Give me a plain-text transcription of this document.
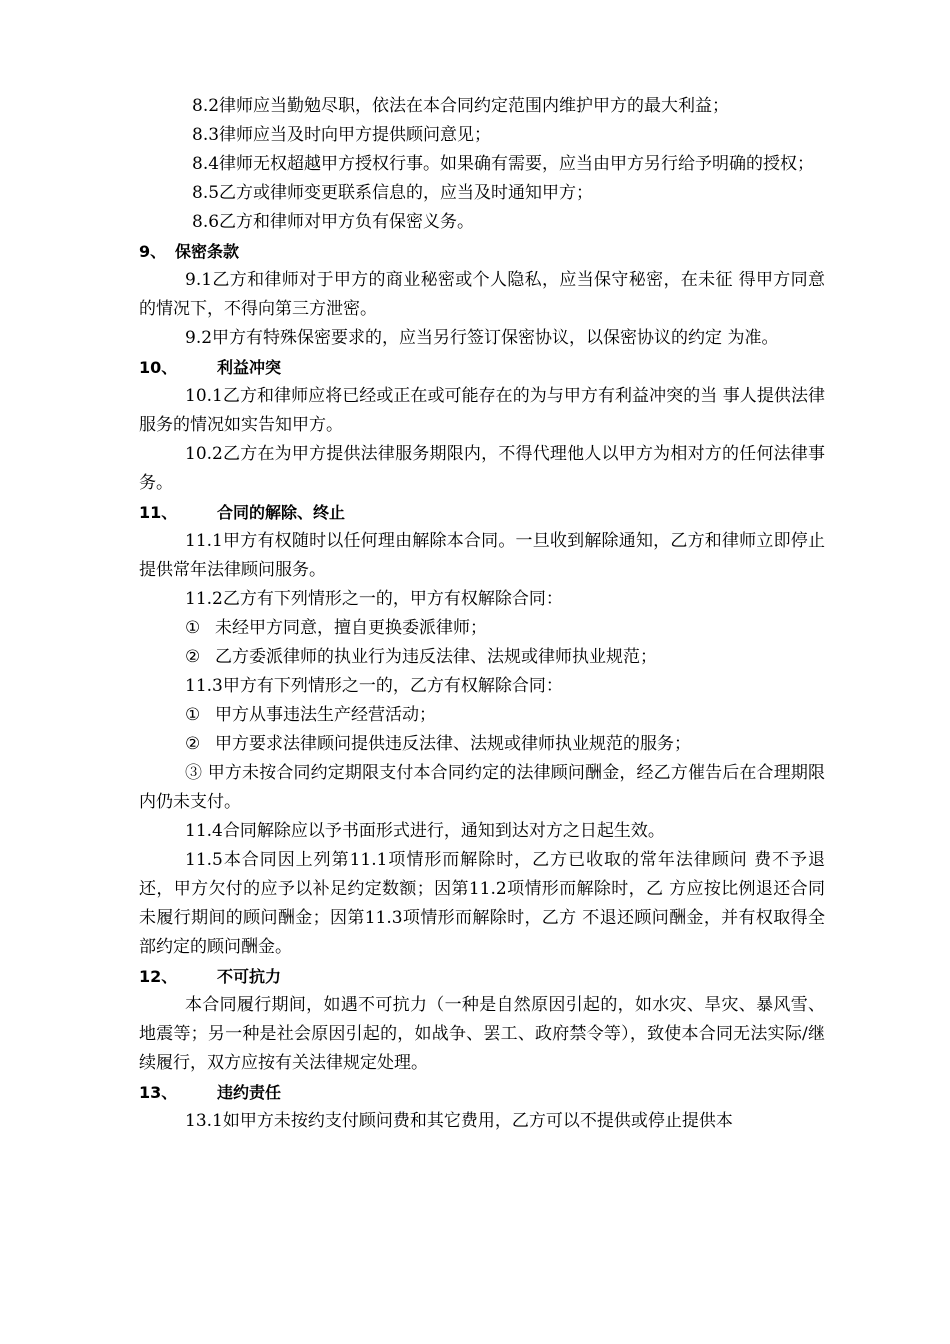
8.2律师应当勤勉尽职，依法在本合同约定范围内维护甲方的最大利益；

8.3律师应当及时向甲方提供顾问意见；

8.4律师无权超越甲方授权行事。如果确有需要，应当由甲方另行给予明确的授权；

8.5乙方或律师变更联系信息的，应当及时通知甲方；

8.6乙方和律师对甲方负有保密义务。

9、 保密条款

9.1乙方和律师对于甲方的商业秘密或个人隐私，应当保守秘密，在未征 得甲方同意的情况下，不得向第三方泄密。

9.2甲方有特殊保密要求的，应当另行签订保密协议，以保密协议的约定 为准。

10、	利益冲突

10.1乙方和律师应将已经或正在或可能存在的为与甲方有利益冲突的当 事人提供法律服务的情况如实告知甲方。

10.2乙方在为甲方提供法律服务期限内，不得代理他人以甲方为相对方的任何法律事务。

11、	合同的解除、终止

11.1甲方有权随时以任何理由解除本合同。一旦收到解除通知，乙方和律师立即停止提供常年法律顾问服务。

11.2乙方有下列情形之一的，甲方有权解除合同：

① 未经甲方同意，擅自更换委派律师；

② 乙方委派律师的执业行为违反法律、法规或律师执业规范；

11.3甲方有下列情形之一的，乙方有权解除合同：

① 甲方从事违法生产经营活动；

② 甲方要求法律顾问提供违反法律、法规或律师执业规范的服务；

③ 甲方未按合同约定期限支付本合同约定的法律顾问酬金，经乙方催告后在合理期限内仍未支付。

11.4合同解除应以予书面形式进行，通知到达对方之日起生效。

11.5本合同因上列第11.1项情形而解除时，乙方已收取的常年法律顾问 费不予退还，甲方欠付的应予以补足约定数额；因第11.2项情形而解除时，乙 方应按比例退还合同未履行期间的顾问酬金；因第11.3项情形而解除时，乙方 不退还顾问酬金，并有权取得全部约定的顾问酬金。

12、	不可抗力

本合同履行期间，如遇不可抗力（一种是自然原因引起的，如水灾、旱灾、暴风雪、地震等；另一种是社会原因引起的，如战争、罢工、政府禁令等），致使本合同无法实际/继续履行，双方应按有关法律规定处理。

13、	违约责任

13.1如甲方未按约支付顾问费和其它费用，乙方可以不提供或停止提供本
